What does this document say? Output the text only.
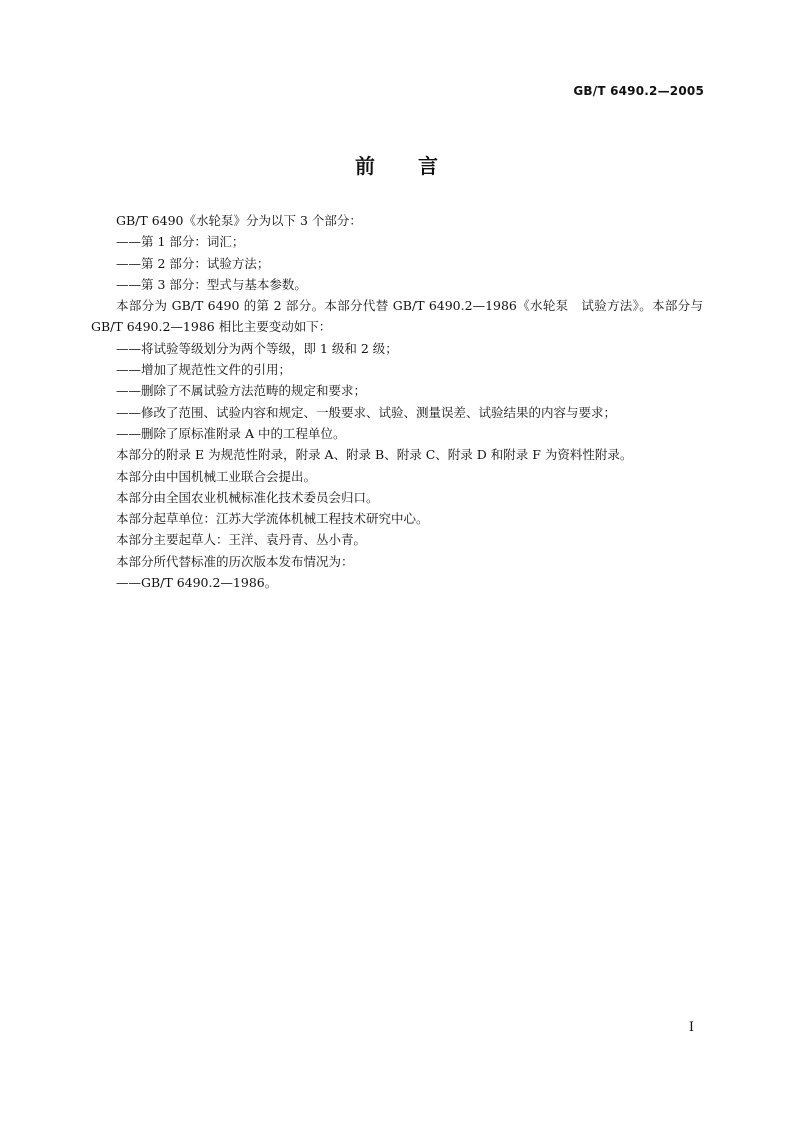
GB/T 6490.2—2005
前 言

GB/T 6490《水轮泵》分为以下 3 个部分：

——第 1 部分：词汇；

——第 2 部分：试验方法；

——第 3 部分：型式与基本参数。

本部分为 GB/T 6490 的第 2 部分。本部分代替 GB/T 6490.2—1986《水轮泵　试验方法》。本部分与 GB/T 6490.2—1986 相比主要变动如下：

——将试验等级划分为两个等级，即 1 级和 2 级；

——增加了规范性文件的引用；

——删除了不属试验方法范畴的规定和要求；

——修改了范围、试验内容和规定、一般要求、试验、测量误差、试验结果的内容与要求；

——删除了原标准附录 A 中的工程单位。

本部分的附录 E 为规范性附录，附录 A、附录 B、附录 C、附录 D 和附录 F 为资料性附录。

本部分由中国机械工业联合会提出。

本部分由全国农业机械标准化技术委员会归口。

本部分起草单位：江苏大学流体机械工程技术研究中心。

本部分主要起草人：王洋、袁丹青、丛小青。

本部分所代替标准的历次版本发布情况为：

——GB/T 6490.2—1986。

I
